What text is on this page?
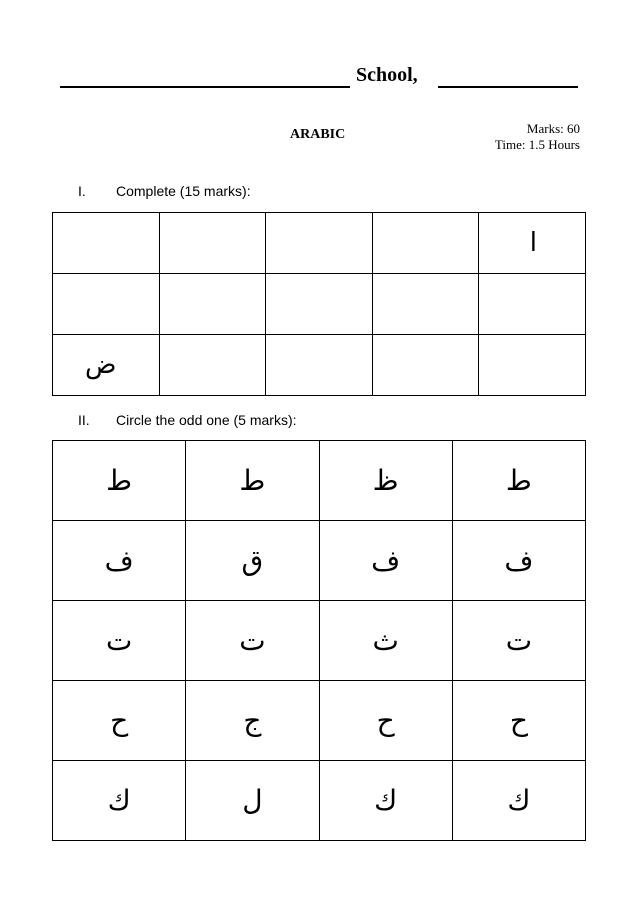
School,
ARABIC	Marks: 60
Time: 1.5 Hours
I. Complete (15 marks):
				ا

ض				
II. Circle the odd one (5 marks):
ط	ط	ظ	ط
ف	ق	ف	ف
ت	ت	ث	ت
ح	ج	ح	ح
ك	ل	ك	ك
